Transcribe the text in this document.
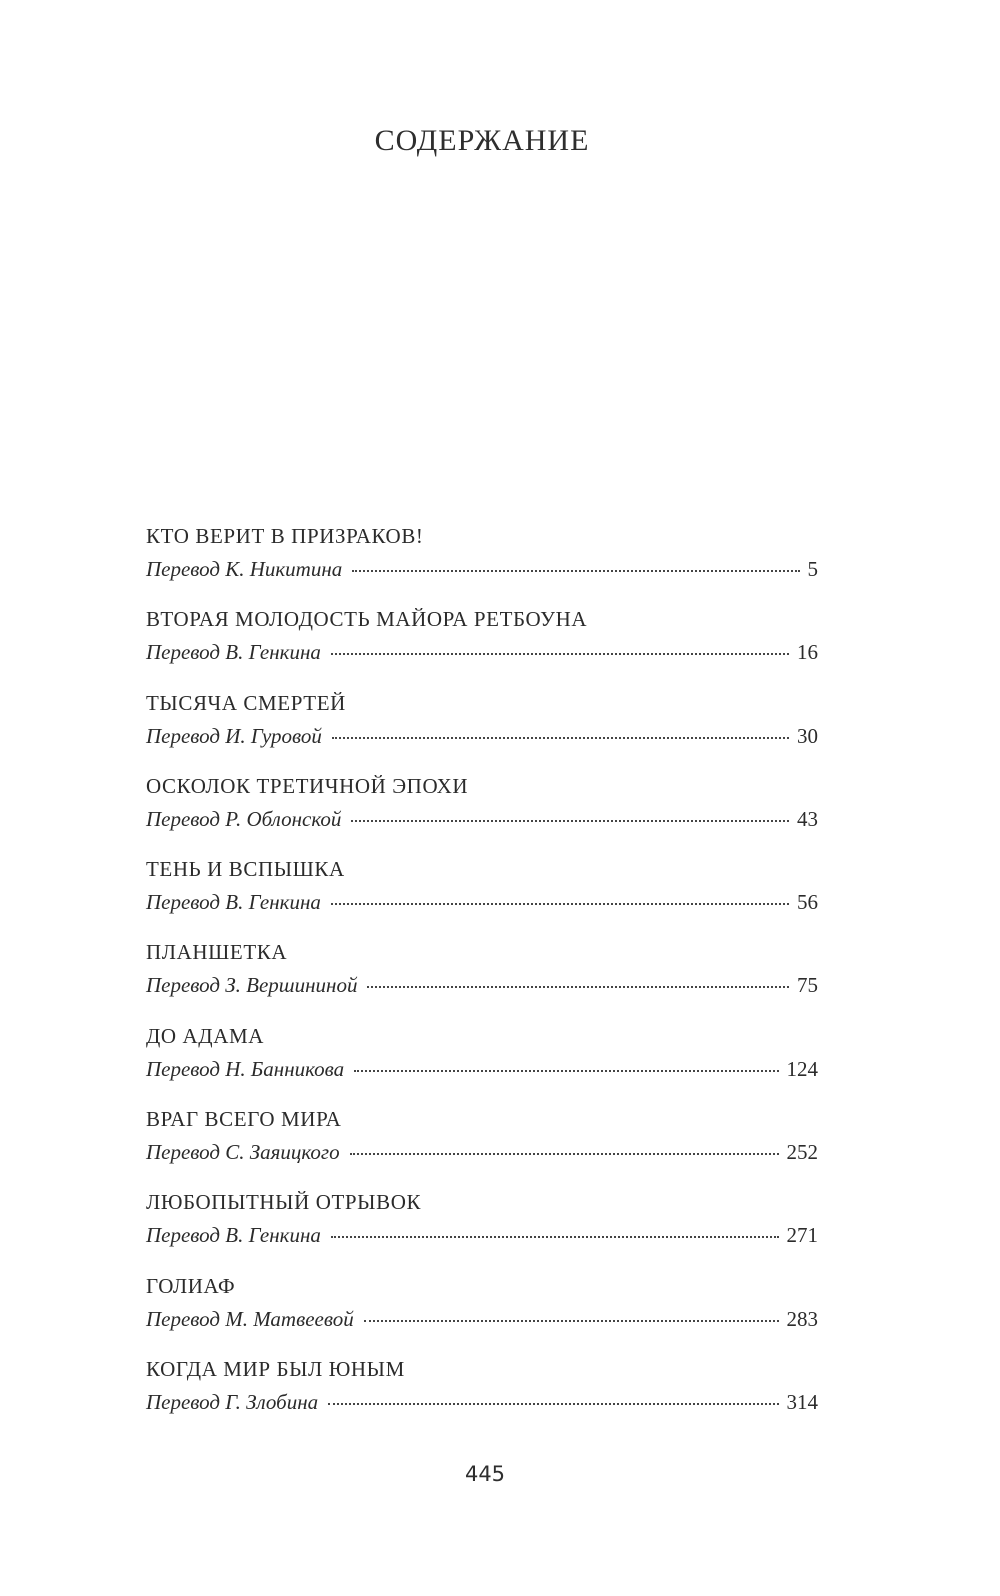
СОДЕРЖАНИЕ
КТО ВЕРИТ В ПРИЗРАКОВ!
Перевод К. Никитина	5
ВТОРАЯ МОЛОДОСТЬ МАЙОРА РЕТБОУНА
Перевод В. Генкина	16
ТЫСЯЧА СМЕРТЕЙ
Перевод И. Гуровой	30
ОСКОЛОК ТРЕТИЧНОЙ ЭПОХИ
Перевод Р. Облонской	43
ТЕНЬ И ВСПЫШКА
Перевод В. Генкина	56
ПЛАНШЕТКА
Перевод З. Вершининой	75
ДО АДАМА
Перевод Н. Банникова	124
ВРАГ ВСЕГО МИРА
Перевод С. Заяицкого	252
ЛЮБОПЫТНЫЙ ОТРЫВОК
Перевод В. Генкина	271
ГОЛИАФ
Перевод М. Матвеевой	283
КОГДА МИР БЫЛ ЮНЫМ
Перевод Г. Злобина	314
445
